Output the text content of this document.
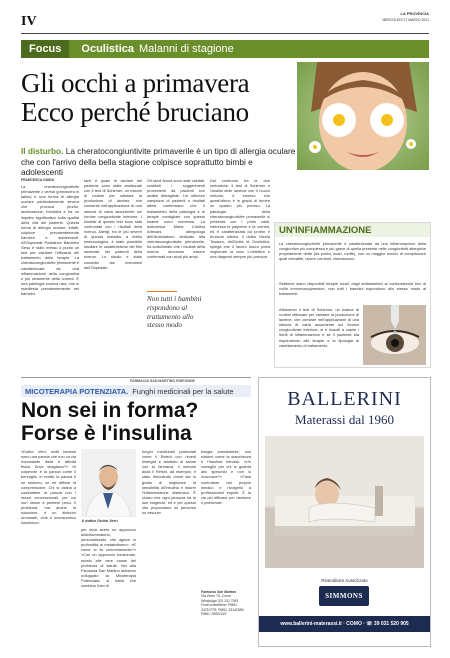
IV
LA PROVINCIA
MERCOLEDÌ 17 MARZO 2021
Focus	Oculistica Malanni di stagione
Gli occhi a primavera
Ecco perché bruciano
Il disturbo. La cheratocongiuntivite primaverile è un tipo di allergia oculare che con l'arrivo della bella stagione colpisce soprattutto bimbi e adolescenti
FRANCESCA GUIDO
La cheratocongiuntivite primaverile o vernal (primavera in latino) è una forma di allergia oculare particolarmente severa che provoca prurito, lacrimazione, fotofobia e ha un impatto significativo sulla qualità della vita dei pazienti. Questa forma di allergia oculare, infatti, colpisce prevalentemente bambini e adolescenti. All'Ospedale Pediatrico Bambino Gesù è stato messo a punto un test per valutare l'efficacia del trattamento delle terapie. La cheratocongiuntivite primaverile è caratterizzata da una infiammazione della congiuntiva e più raramente della cornea. È una patologia cronica rara, che si manifesta prevalentemente nei bambini.
tanti è quale le lacrime del paziente sono state analizzate con il test di Schirmer, un esame di routine per valutare la produzione di lacrime, che consente nell'applicazione di una striscia di carta assorbente sul fornice congiuntivale inferiore. I risultati di questo test sono stati confrontati con i risultati della ricerca. Allergi, tra le più severe di questa malattia, a livello immunologico, è stato possibile studiare le caratteristiche del film lacrimale nei pazienti della ricerca. Lo studio è stato condotto dai ricercatori dell'Ospedale.
Gli studi finora sono stati valutati, costituiti i suggerimenti provenienti da pazienti con analisi dettagliate. Un ulteriore campione di pazienti e risultati attesi confermano che il trattamento della patologia e le terapie consigliate con questo esame sono numerosi. La dottoressa Maria Cristina Artesani, allergologa dell'Ambulatorio dedicato alla cheratocongiuntivite primaverile, ha sottolineato che i risultati della ricerca dovranno essere confermati con studi più ampi.
Dal confronto tra le due metodiche, il test di Schirmer e l'analisi delle lacrime con il nuovo metodo, è emerso che quest'ultimo è in grado di fornire un quadro più preciso. La patologia della cheratocongiuntivite primaverile si presenta con i primi caldi, interessa le palpebre e la cornea, ed è caratterizzata da prurito e bruciore intensi. Il dottor Nicola Tesauro, dell'Unità di Oculistica, spiega che il lavoro futuro potrà migliorare la cura. L'obiettivo è una diagnosi sempre più precoce.
Non tutti i bambini rispondono al trattamento allo stesso modo
UN'INFIAMMAZIONE
La cheratocongiuntivite primaverile è caratterizzata da una infiammazione della congiuntiva più complessa e più grave di quella presente nelle congiuntiviti allergiche propriamente dette (da pollini, acari, muffe), con un maggior rischio di complicanze quali cheratite, ulcere corneali, cheratocono.
Sebbene siano disponibili terapie locali, dagli antistaminici ai corticosteroidi fino ai colliri immunosoppressori, non tutti i bambini rispondono allo stesso modo ai trattamenti.
Attraverso il test di Schirmer, un esame di routine utilizzato per valutare la produzione di lacrime, che consiste nell'applicazione di una striscia di carta assorbente sul fornice congiuntivale inferiore, si è riusciti a capire i livelli di infiammazione e se il paziente sta rispondendo alle terapie e la tipologia di cambiamento di trattamento.
FARMACIA SAN MARTINO RISPONDE
MICOTERAPIA POTENZIATA. Funghi medicinali per la salute
Non sei in forma?
Forse è l'insulina
«Dottor Verri, molti tamenti sono una panciа che non va via nonostante dieta e attività fisica. Dove sbagliano?» «Il colpevole è la pancia come il bersaglio. In realtà, la pancia è un sintomo; se ne diffuse la comprensione. Chi si ostina a combattere la pancia con i mezzi convenzionali, per cui non riesce a perdere peso. Il problema, ma anche la soluzione, è un disturbo ormonale, cioè il sovraccarico insulinico».	Il dottor Guido Verri
per farla avere un approccio antinfiammatorio, personalizzato, che agisce in profondità al metabolismo». «E come si fa concretamente?» «Con un approccio funzionale, mirato alle vere cause del problema di salute. Noi alla Farmacia San Martino abbiamo sviluppato la Micoterapia Potenziata: si tratta che combina l'uso di
funghi medicinali potenziati come il Reishi con rimedi sinergici e adottato di salute con la farmacia. Il metodo aiuta il Reishi, ad esempio, è stato dimostrato come sia in grado di migliorare la sensibilità all'insulina e ridurre l'infiammazione sistemica. È chiaro che ogni persona ha le sue esigenze, ed è per questo che proponiamo un percorso su misura».
tologia preesistente, con sintomi come la stanchezza e l'insulina elevata. «Un consiglio per chi si guarda allo specchio e non si riconosce?» «Farsi controllare dal proprio medico e rivolgersi a professionisti esperti. È la via più efficace per risolvere il problema».
Farmacia San Martino
Via Zezio 79, Como
WhatsApp 331 332 7081
Fonti scientifiche: PMID: 34710778; PMID: 33142989; PMID: 28602243
BALLERINI
Materassi dal 1960
Rivenditore Autorizzato
SIMMONS
www.ballerini-materassi.it · COMO · ☏ 39 031 520 905
